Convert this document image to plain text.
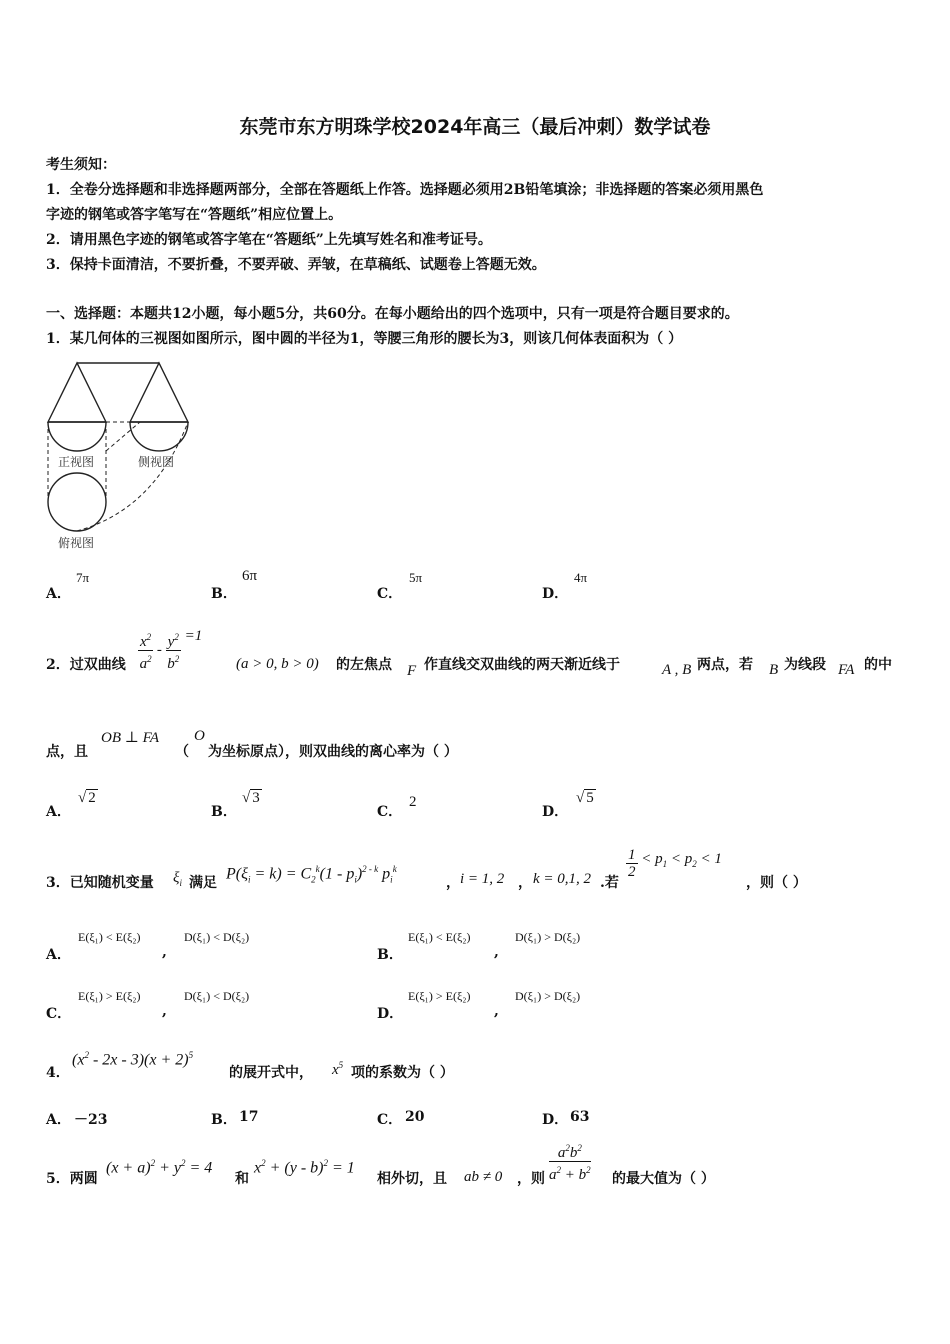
东莞市东方明珠学校2024年高三（最后冲刺）数学试卷
考生须知：
1．全卷分选择题和非选择题两部分，全部在答题纸上作答。选择题必须用2B铅笔填涂；非选择题的答案必须用黑色
字迹的钢笔或答字笔写在“答题纸”相应位置上。
2．请用黑色字迹的钢笔或答字笔在“答题纸”上先填写姓名和准考证号。
3．保持卡面清洁，不要折叠，不要弄破、弄皱，在草稿纸、试题卷上答题无效。
一、选择题：本题共12小题，每小题5分，共60分。在每小题给出的四个选项中，只有一项是符合题目要求的。
1．某几何体的三视图如图所示，图中圆的半径为1，等腰三角形的腰长为3，则该几何体表面积为（ ）
正视图	侧视图
俯视图
A．
7π
B．
6π
C．
5π
D．
4π
2．过双曲线 $\frac{x^2}{a^2} - \frac{y^2}{b^2} =1$
(a > 0, b > 0) 的左焦点 F 作直线交双曲线的两天渐近线于	A , B 两点，若 B 为线段 FA 的中
点，且
OB ⊥ FA
（
O
为坐标原点），则双曲线的离心率为（ ）
A．
√ 2
B．
√ 3
C．
2
D．
√ 5
3．已知随机变量 $\xi_i$ 满足
$P(\xi_i = k) = C_2^k(1 - p_i)^{2 - k}$ $p_i^k$
， i = 1, 2 ， k = 0,1, 2 .若
$\frac{1}{2} < p_1 < p_2 < 1$
，则（ ）
A．
E(ξ₁) < E(ξ₂)
,
D(ξ₁) < D(ξ₂)
B．
E(ξ₁) < E(ξ₂)
,
D(ξ₁) > D(ξ₂)
C．
E(ξ₁) > E(ξ₂)
,
D(ξ₁) < D(ξ₂)
D．
E(ξ₁) > E(ξ₂)
,
D(ξ₁) > D(ξ₂)
4．
$(x^2 - 2x - 3)(x + 2)^5$
的展开式中， $x^5$ 项的系数为（ ）
A． －23	B． 17	C． 20	D． 63
5．两圆
$(x + a)^2 + y^2 = 4$
和
$x^2 + (y - b)^2 = 1$
相外切，且 ab ≠ 0 ，则 $\frac{a^2b^2}{a^2 + b^2}$ 的最大值为（ ）
